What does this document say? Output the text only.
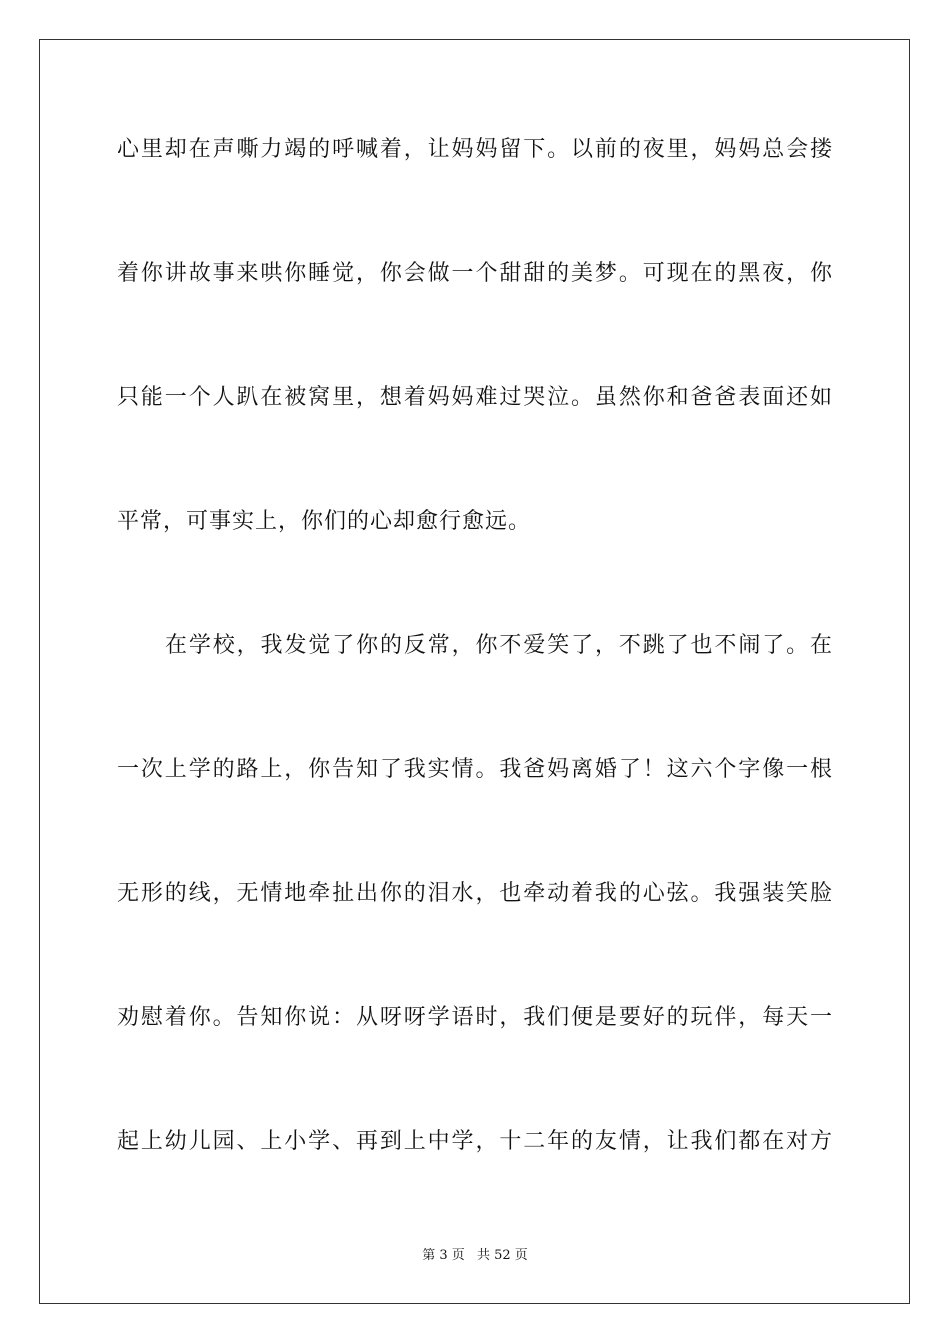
心里却在声嘶力竭的呼喊着，让妈妈留下。以前的夜里，妈妈总会搂

着你讲故事来哄你睡觉，你会做一个甜甜的美梦。可现在的黑夜，你

只能一个人趴在被窝里，想着妈妈难过哭泣。虽然你和爸爸表面还如

平常，可事实上，你们的心却愈行愈远。

在学校，我发觉了你的反常，你不爱笑了，不跳了也不闹了。在

一次上学的路上，你告知了我实情。我爸妈离婚了！这六个字像一根

无形的线，无情地牵扯出你的泪水，也牵动着我的心弦。我强装笑脸

劝慰着你。告知你说：从呀呀学语时，我们便是要好的玩伴，每天一

起上幼儿园、上小学、再到上中学，十二年的友情，让我们都在对方

第 3 页 共 52 页
